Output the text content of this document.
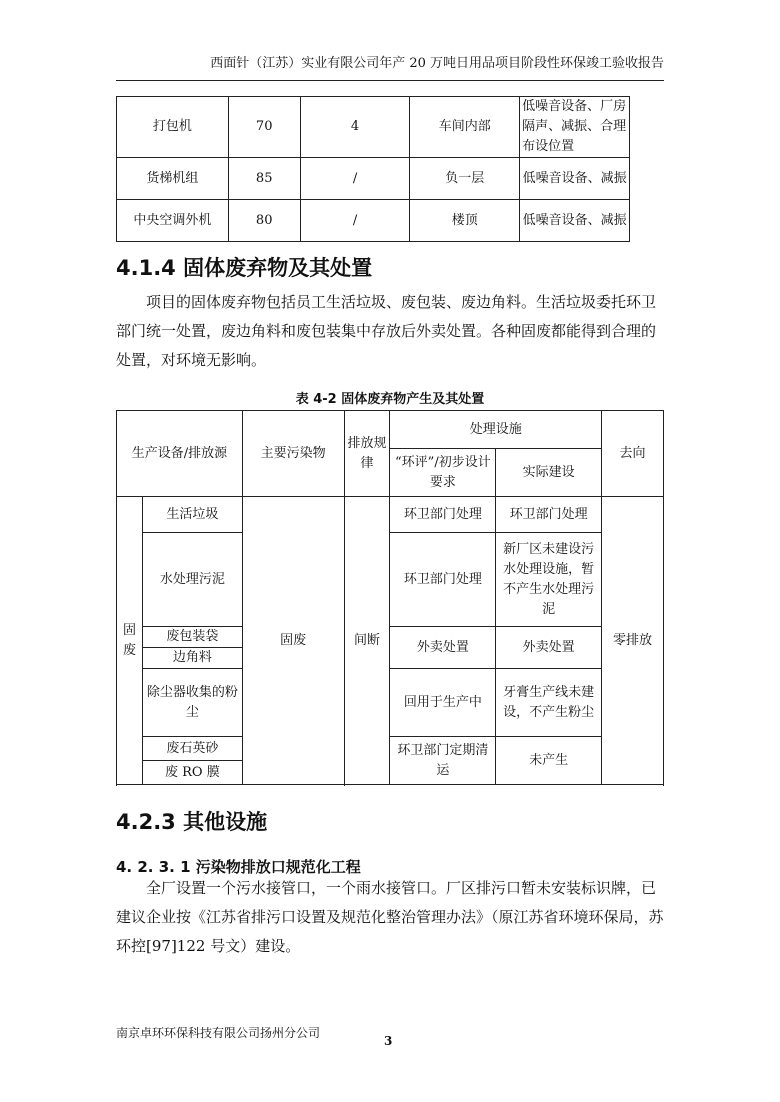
西面针（江苏）实业有限公司年产 20 万吨日用品项目阶段性环保竣工验收报告
打包机	70	4	车间内部	低噪音设备、厂房隔声、减振、合理布设位置
货梯机组	85	/	负一层	低噪音设备、减振
中央空调外机	80	/	楼顶	低噪音设备、减振
4.1.4 固体废弃物及其处置

项目的固体废弃物包括员工生活垃圾、废包装、废边角料。生活垃圾委托环卫部门统一处置，废边角料和废包装集中存放后外卖处置。各种固废都能得到合理的处置，对环境无影响。

表 4-2 固体废弃物产生及其处置
生产设备/排放源		主要污染物	排放规律	处理设施		去向
				“环评”/初步设计要求	实际建设	
固废	生活垃圾	固废	间断	环卫部门处理	环卫部门处理	零排放
	水处理污泥			环卫部门处理	新厂区未建设污水处理设施，暂不产生水处理污泥	
	废包装袋			外卖处置	外卖处置	
	边角料					
	除尘器收集的粉尘			回用于生产中	牙膏生产线未建设，不产生粉尘	
	废石英砂			环卫部门定期清运	未产生	
	废 RO 膜					

4.2.3 其他设施
4. 2. 3. 1 污染物排放口规范化工程

全厂设置一个污水接管口，一个雨水接管口。厂区排污口暂未安装标识牌，已建议企业按《江苏省排污口设置及规范化整治管理办法》（原江苏省环境环保局，苏环控[97]122 号文）建设。

南京卓环环保科技有限公司扬州分公司
3
